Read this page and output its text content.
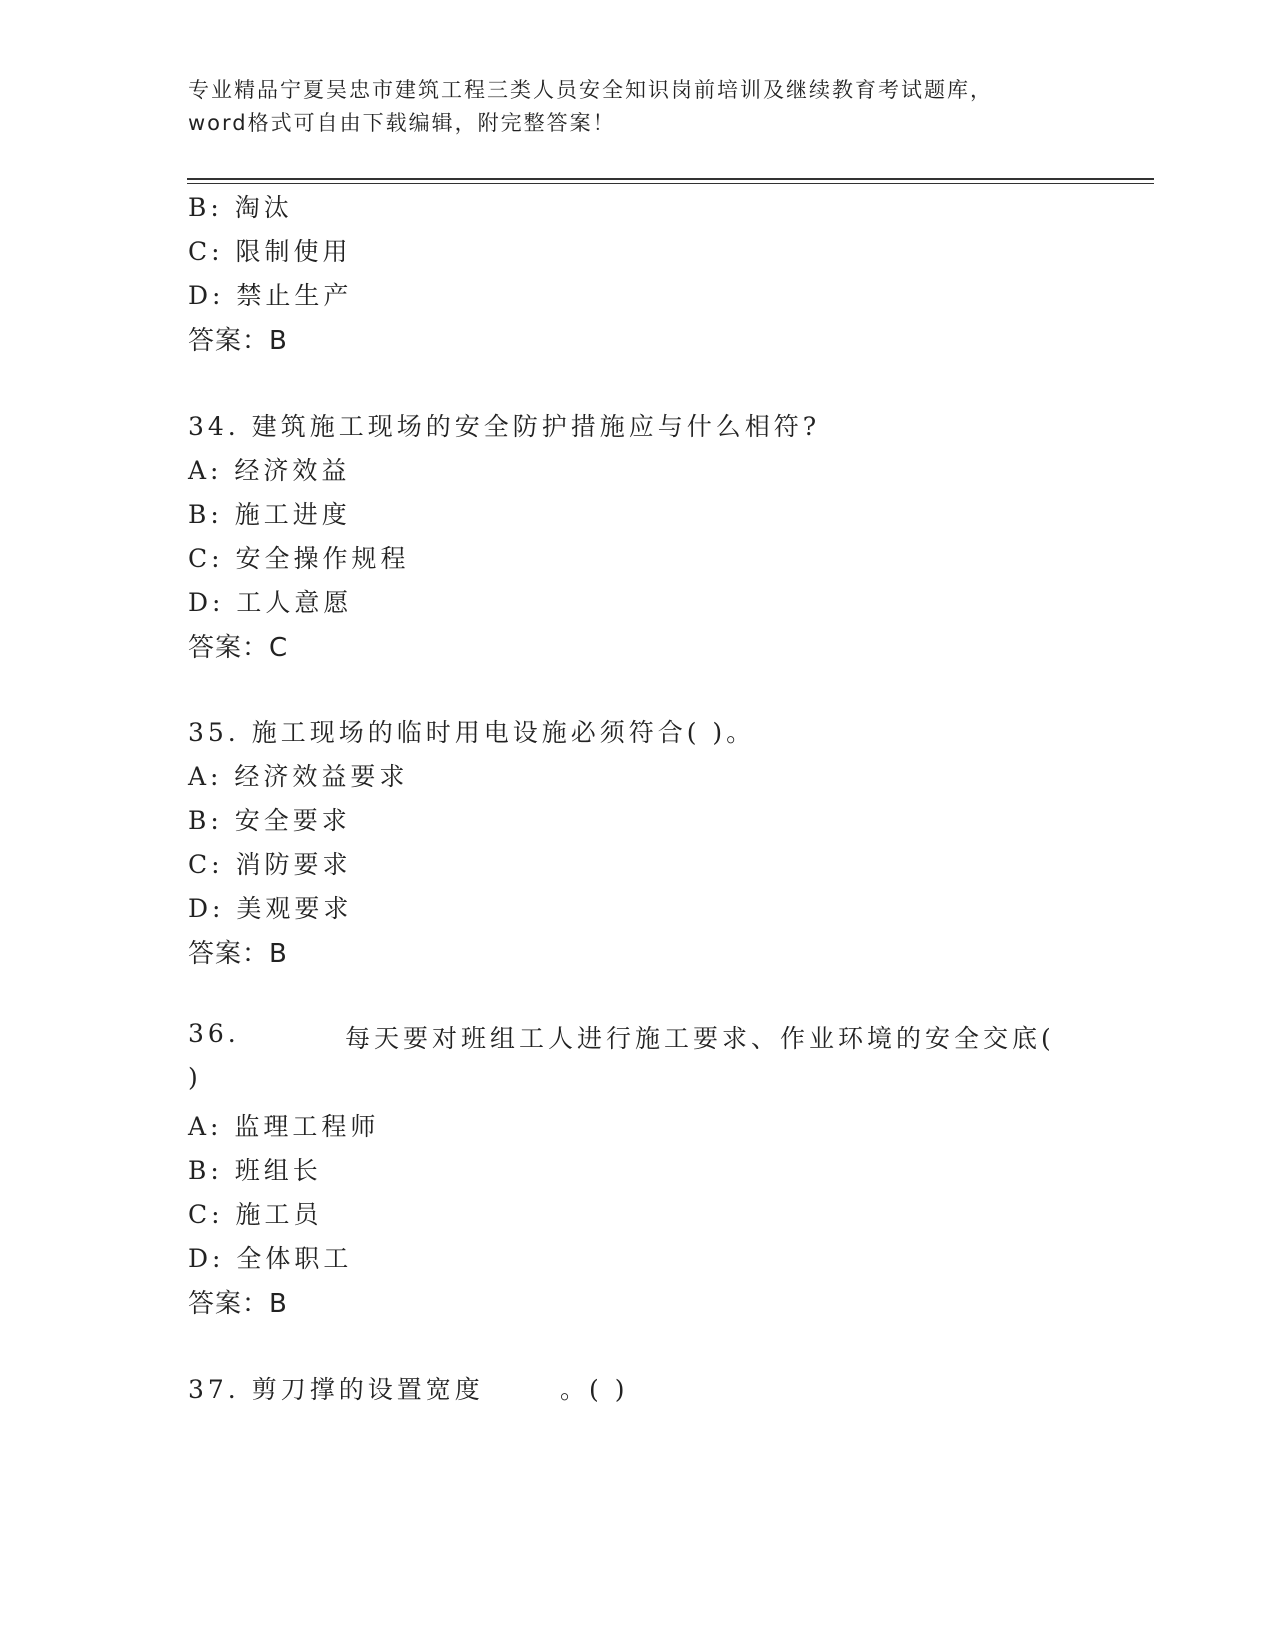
专业精品宁夏吴忠市建筑工程三类人员安全知识岗前培训及继续教育考试题库，
word格式可自由下载编辑，附完整答案！
B: 淘汰
C: 限制使用
D: 禁止生产
答案：B
34. 建筑施工现场的安全防护措施应与什么相符?
A: 经济效益
B: 施工进度
C: 安全操作规程
D: 工人意愿
答案：C
35. 施工现场的临时用电设施必须符合( )。
A: 经济效益要求
B: 安全要求
C: 消防要求
D: 美观要求
答案：B
36.	每天要对班组工人进行施工要求、作业环境的安全交底(
)
A: 监理工程师
B: 班组长
C: 施工员
D: 全体职工
答案：B
37. 剪刀撑的设置宽度	。( )
